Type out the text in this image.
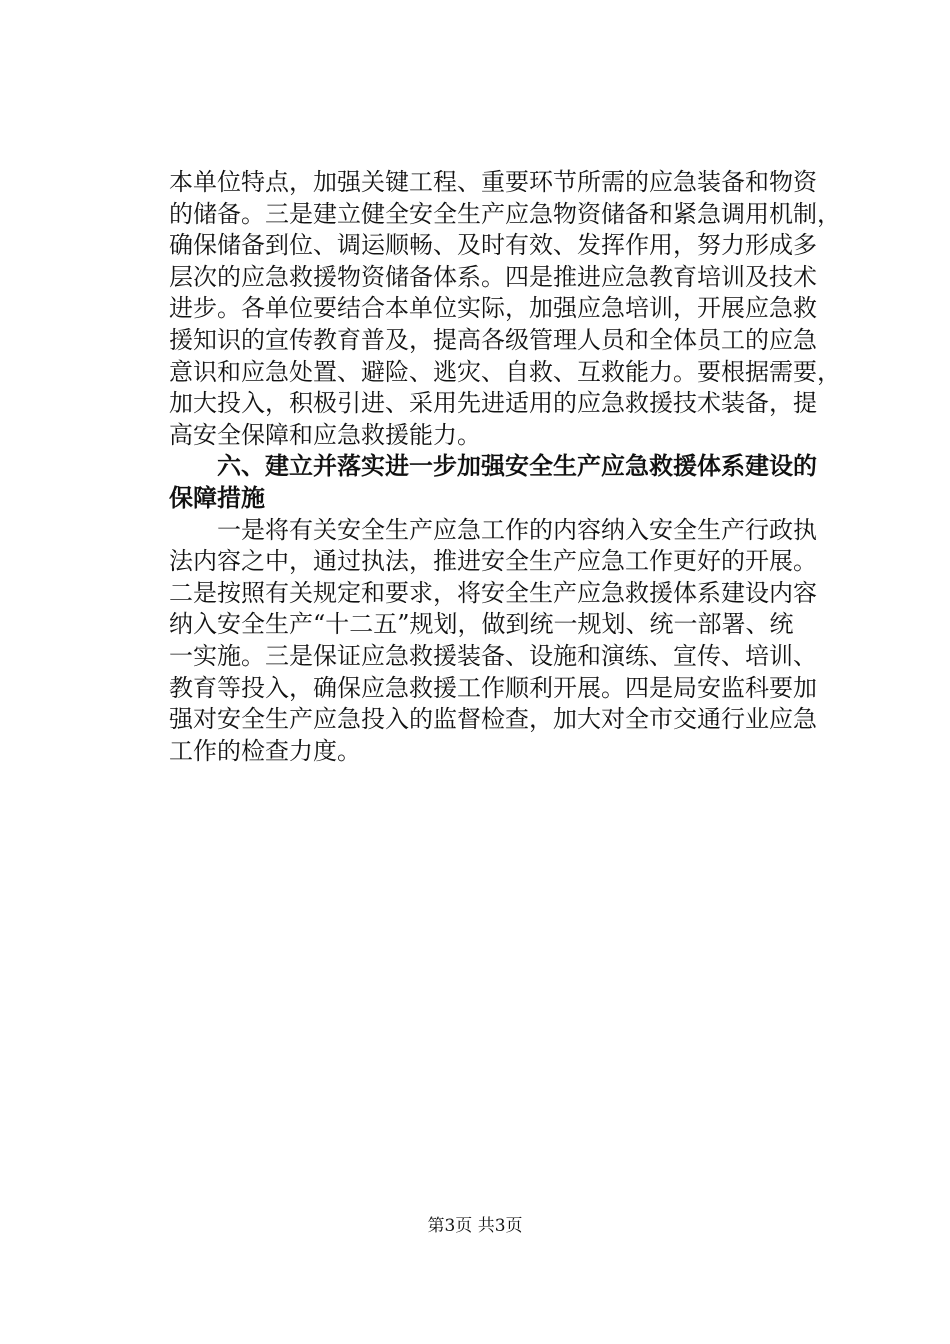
本单位特点，加强关键工程、重要环节所需的应急装备和物资
的储备。三是建立健全安全生产应急物资储备和紧急调用机制，
确保储备到位、调运顺畅、及时有效、发挥作用，努力形成多
层次的应急救援物资储备体系。四是推进应急教育培训及技术
进步。各单位要结合本单位实际，加强应急培训，开展应急救
援知识的宣传教育普及，提高各级管理人员和全体员工的应急
意识和应急处置、避险、逃灾、自救、互救能力。要根据需要，
加大投入，积极引进、采用先进适用的应急救援技术装备，提
高安全保障和应急救援能力。
　　六、建立并落实进一步加强安全生产应急救援体系建设的
保障措施
　　一是将有关安全生产应急工作的内容纳入安全生产行政执
法内容之中，通过执法，推进安全生产应急工作更好的开展。
二是按照有关规定和要求，将安全生产应急救援体系建设内容
纳入安全生产“十二五”规划，做到统一规划、统一部署、统
一实施。三是保证应急救援装备、设施和演练、宣传、培训、
教育等投入，确保应急救援工作顺利开展。四是局安监科要加
强对安全生产应急投入的监督检查，加大对全市交通行业应急
工作的检查力度。
第3页 共3页
